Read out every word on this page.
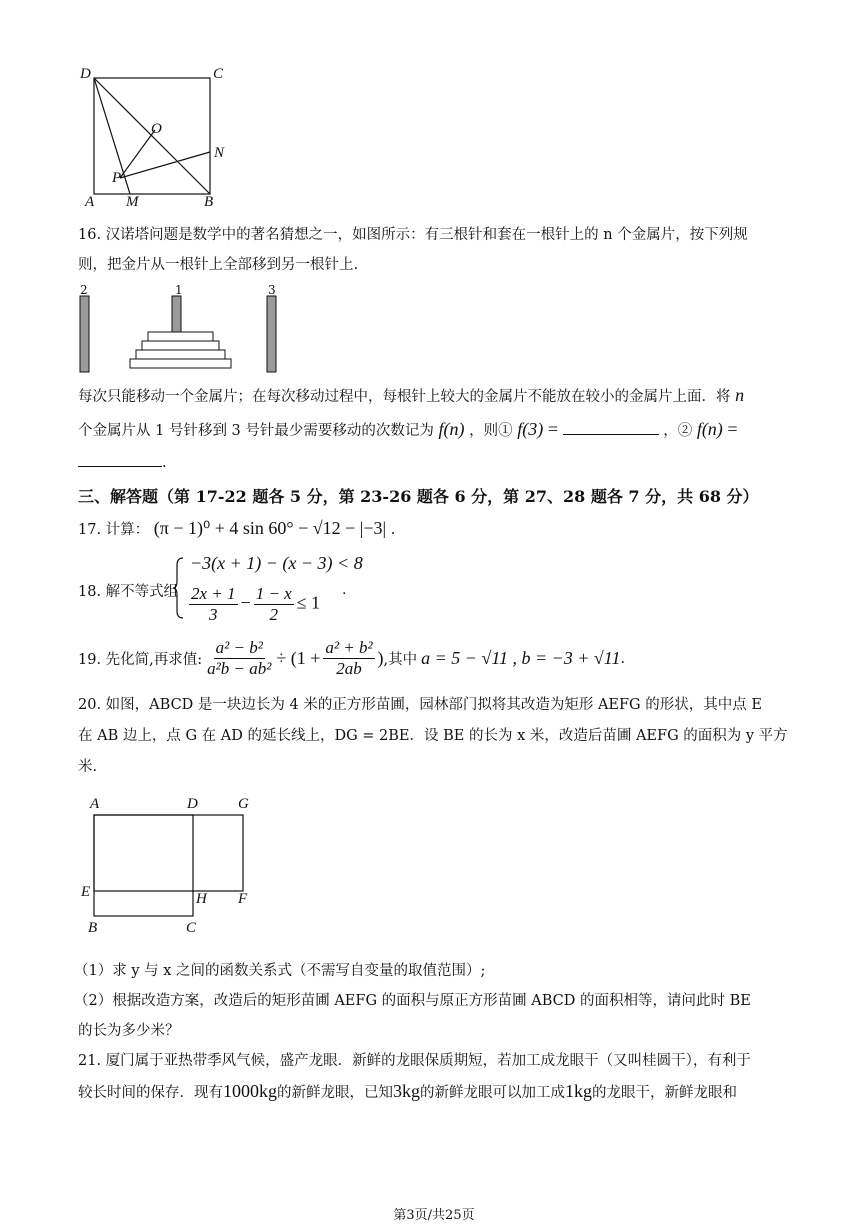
D	C
O
N
P
A M	B
16. 汉诺塔问题是数学中的著名猜想之一，如图所示：有三根针和套在一根针上的 n 个金属片，按下列规
则，把金片从一根针上全部移到另一根针上.
2	1	3
每次只能移动一个金属片；在每次移动过程中，每根针上较大的金属片不能放在较小的金属片上面．将 n
个金属片从 1 号针移到 3 号针最少需要移动的次数记为 f(n) ，则① f(3) =	，② f(n) =
.
三、解答题（第 17-22 题各 5 分，第 23-26 题各 6 分，第 27、28 题各 7 分，共 68 分）
17. 计算： (π − 1)⁰ + 4 sin 60° − √12 − |−3| .
18. 解不等式组
−3(x + 1) − (x − 3) < 8
$\frac{2x + 1}{3} - \frac{1 - x}{2} \le 1$
.
19. 先化简,再求值: $\frac{\text{a² − b²}}{\text{a²b − ab²}} \div (1 + \frac{\text{a² + b²}}{2ab}$ ) ,其中 a = 5 − √11 , b = −3 + √11 .
20. 如图，ABCD 是一块边长为 4 米的正方形苗圃，园林部门拟将其改造为矩形 AEFG 的形状，其中点 E
在 AB 边上，点 G 在 AD 的延长线上，DG = 2BE．设 BE 的长为 x 米，改造后苗圃 AEFG 的面积为 y 平方
米.
A	D	G
E	H F
B	C
（1）求 y 与 x 之间的函数关系式（不需写自变量的取值范围）;
（2）根据改造方案，改造后的矩形苗圃 AEFG 的面积与原正方形苗圃 ABCD 的面积相等，请问此时 BE
的长为多少米？
21. 厦门属于亚热带季风气候，盛产龙眼．新鲜的龙眼保质期短，若加工成龙眼干（又叫桂圆干），有利于
较长时间的保存．现有1000kg的新鲜龙眼，已知3kg的新鲜龙眼可以加工成1kg的龙眼干，新鲜龙眼和
第3页/共25页
